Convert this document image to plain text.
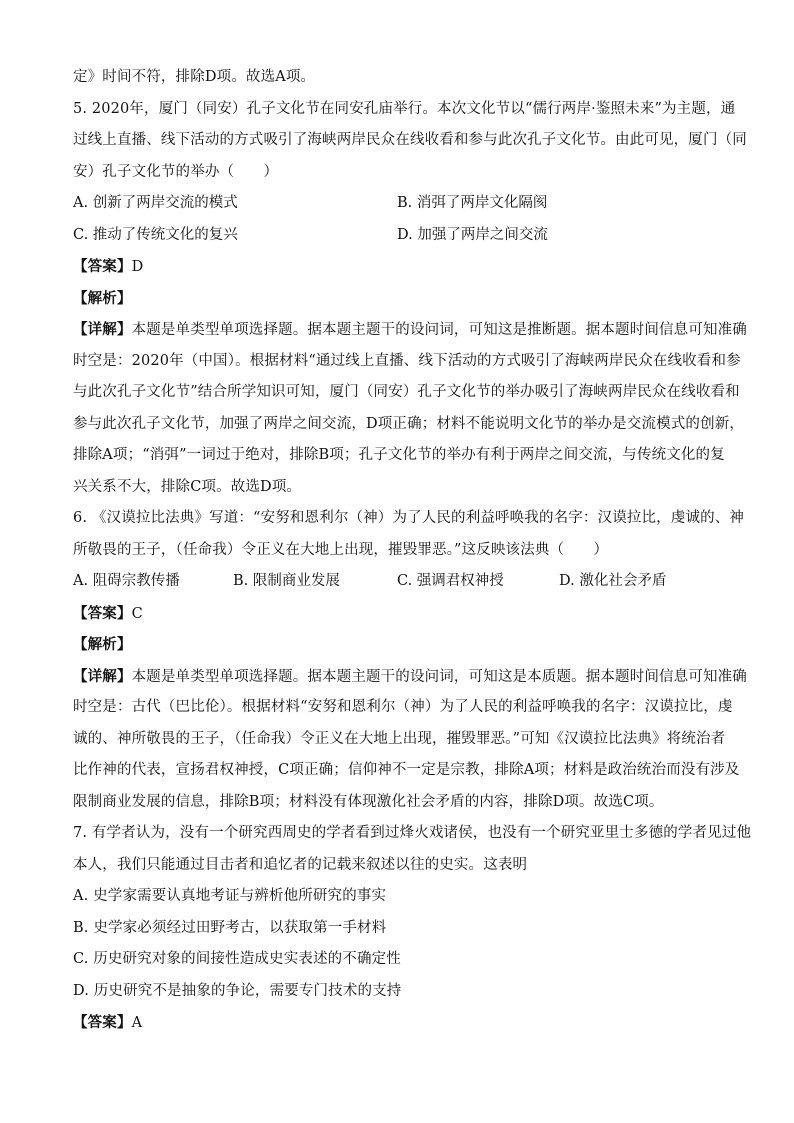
定》时间不符，排除D项。故选A项。
5. 2020年，厦门（同安）孔子文化节在同安孔庙举行。本次文化节以“儒行两岸·鉴照未来”为主题，通
过线上直播、线下活动的方式吸引了海峡两岸民众在线收看和参与此次孔子文化节。由此可见，厦门（同
安）孔子文化节的举办（　　）
A. 创新了两岸交流的模式	B. 消弭了两岸文化隔阂
C. 推动了传统文化的复兴	D. 加强了两岸之间交流
【答案】D
【解析】
【详解】本题是单类型单项选择题。据本题主题干的设问词，可知这是推断题。据本题时间信息可知准确
时空是：2020年（中国）。根据材料“通过线上直播、线下活动的方式吸引了海峡两岸民众在线收看和参
与此次孔子文化节”结合所学知识可知，厦门（同安）孔子文化节的举办吸引了海峡两岸民众在线收看和
参与此次孔子文化节，加强了两岸之间交流，D项正确；材料不能说明文化节的举办是交流模式的创新，
排除A项；“消弭”一词过于绝对，排除B项；孔子文化节的举办有利于两岸之间交流，与传统文化的复
兴关系不大，排除C项。故选D项。
6. 《汉谟拉比法典》写道：“安努和恩利尔（神）为了人民的利益呼唤我的名字：汉谟拉比，虔诚的、神
所敬畏的王子，（任命我）令正义在大地上出现，摧毁罪恶。”这反映该法典（　　）
A. 阻碍宗教传播	B. 限制商业发展	C. 强调君权神授	D. 激化社会矛盾
【答案】C
【解析】
【详解】本题是单类型单项选择题。据本题主题干的设问词，可知这是本质题。据本题时间信息可知准确
时空是：古代（巴比伦）。根据材料“安努和恩利尔（神）为了人民的利益呼唤我的名字：汉谟拉比，虔
诚的、神所敬畏的王子，（任命我）令正义在大地上出现，摧毁罪恶。”可知《汉谟拉比法典》将统治者
比作神的代表，宣扬君权神授，C项正确；信仰神不一定是宗教，排除A项；材料是政治统治而没有涉及
限制商业发展的信息，排除B项；材料没有体现激化社会矛盾的内容，排除D项。故选C项。
7. 有学者认为，没有一个研究西周史的学者看到过烽火戏诸侯，也没有一个研究亚里士多德的学者见过他
本人，我们只能通过目击者和追忆者的记载来叙述以往的史实。这表明
A. 史学家需要认真地考证与辨析他所研究的事实
B. 史学家必须经过田野考古，以获取第一手材料
C. 历史研究对象的间接性造成史实表述的不确定性
D. 历史研究不是抽象的争论，需要专门技术的支持
【答案】A
